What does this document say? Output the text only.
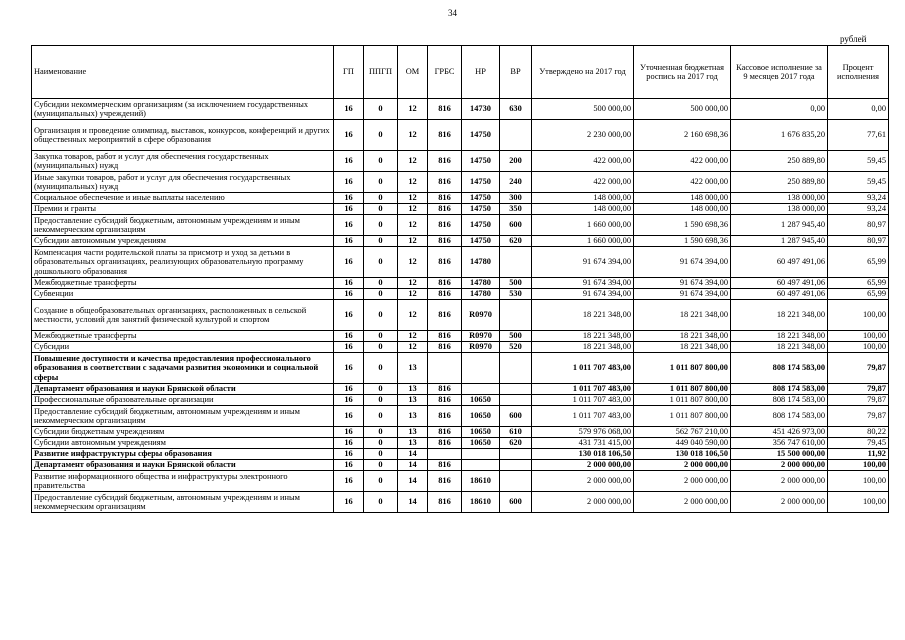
34
рублей
Наименование	ГП	ППГП	ОМ	ГРБС	НР	ВР	Утверждено на 2017 год	Уточненная бюджетная роспись на 2017 год	Кассовое исполнение за 9 месяцев 2017 года	Процент исполнения
Субсидии некоммерческим организациям (за исключением государственных (муниципальных) учреждений)	16	0	12	816	14730	630	500 000,00	500 000,00	0,00	0,00
Организация и проведение олимпиад, выставок, конкурсов, конференций и других общественных мероприятий в сфере образования	16	0	12	816	14750		2 230 000,00	2 160 698,36	1 676 835,20	77,61
Закупка товаров, работ и услуг для обеспечения государственных (муниципальных) нужд	16	0	12	816	14750	200	422 000,00	422 000,00	250 889,80	59,45
Иные закупки товаров, работ и услуг для обеспечения государственных (муниципальных) нужд	16	0	12	816	14750	240	422 000,00	422 000,00	250 889,80	59,45
Социальное обеспечение и иные выплаты населению	16	0	12	816	14750	300	148 000,00	148 000,00	138 000,00	93,24
Премии и гранты	16	0	12	816	14750	350	148 000,00	148 000,00	138 000,00	93,24
Предоставление субсидий бюджетным, автономным учреждениям и иным некоммерческим организациям	16	0	12	816	14750	600	1 660 000,00	1 590 698,36	1 287 945,40	80,97
Субсидии автономным учреждениям	16	0	12	816	14750	620	1 660 000,00	1 590 698,36	1 287 945,40	80,97
Компенсация части родительской платы за присмотр и уход за детьми в образовательных организациях, реализующих образовательную программу дошкольного образования	16	0	12	816	14780		91 674 394,00	91 674 394,00	60 497 491,06	65,99
Межбюджетные трансферты	16	0	12	816	14780	500	91 674 394,00	91 674 394,00	60 497 491,06	65,99
Субвенции	16	0	12	816	14780	530	91 674 394,00	91 674 394,00	60 497 491,06	65,99
Создание в общеобразовательных организациях, расположенных в сельской местности, условий для занятий физической культурой и спортом	16	0	12	816	R0970		18 221 348,00	18 221 348,00	18 221 348,00	100,00
Межбюджетные трансферты	16	0	12	816	R0970	500	18 221 348,00	18 221 348,00	18 221 348,00	100,00
Субсидии	16	0	12	816	R0970	520	18 221 348,00	18 221 348,00	18 221 348,00	100,00
Повышение доступности и качества предоставления профессионального образования в соответствии с задачами развития экономики и социальной сферы	16	0	13				1 011 707 483,00	1 011 807 800,00	808 174 583,00	79,87
Департамент образования и науки Брянской области	16	0	13	816			1 011 707 483,00	1 011 807 800,00	808 174 583,00	79,87
Профессиональные образовательные организации	16	0	13	816	10650		1 011 707 483,00	1 011 807 800,00	808 174 583,00	79,87
Предоставление субсидий бюджетным, автономным учреждениям и иным некоммерческим организациям	16	0	13	816	10650	600	1 011 707 483,00	1 011 807 800,00	808 174 583,00	79,87
Субсидии бюджетным учреждениям	16	0	13	816	10650	610	579 976 068,00	562 767 210,00	451 426 973,00	80,22
Субсидии автономным учреждениям	16	0	13	816	10650	620	431 731 415,00	449 040 590,00	356 747 610,00	79,45
Развитие инфраструктуры сферы образования	16	0	14				130 018 106,50	130 018 106,50	15 500 000,00	11,92
Департамент образования и науки Брянской области	16	0	14	816			2 000 000,00	2 000 000,00	2 000 000,00	100,00
Развитие информационного общества и инфраструктуры электронного правительства	16	0	14	816	18610		2 000 000,00	2 000 000,00	2 000 000,00	100,00
Предоставление субсидий бюджетным, автономным учреждениям и иным некоммерческим организациям	16	0	14	816	18610	600	2 000 000,00	2 000 000,00	2 000 000,00	100,00
